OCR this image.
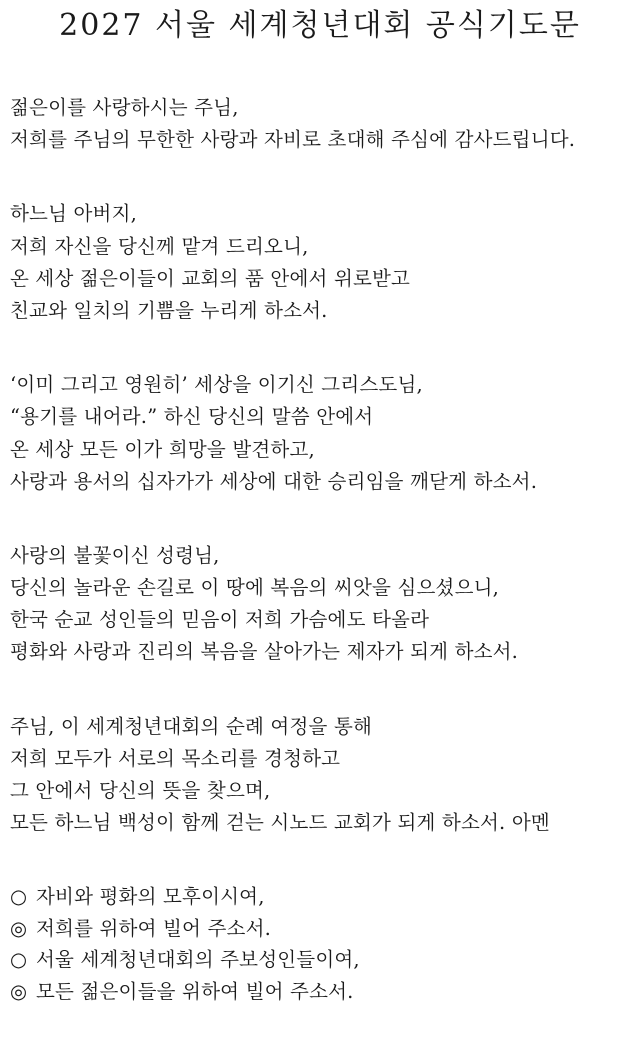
2027 서울 세계청년대회 공식기도문
젊은이를 사랑하시는 주님,
저희를 주님의 무한한 사랑과 자비로 초대해 주심에 감사드립니다.
하느님 아버지,
저희 자신을 당신께 맡겨 드리오니,
온 세상 젊은이들이 교회의 품 안에서 위로받고
친교와 일치의 기쁨을 누리게 하소서.
‘이미 그리고 영원히’ 세상을 이기신 그리스도님,
“용기를 내어라.” 하신 당신의 말씀 안에서
온 세상 모든 이가 희망을 발견하고,
사랑과 용서의 십자가가 세상에 대한 승리임을 깨닫게 하소서.
사랑의 불꽃이신 성령님,
당신의 놀라운 손길로 이 땅에 복음의 씨앗을 심으셨으니,
한국 순교 성인들의 믿음이 저희 가슴에도 타올라
평화와 사랑과 진리의 복음을 살아가는 제자가 되게 하소서.
주님, 이 세계청년대회의 순례 여정을 통해
저희 모두가 서로의 목소리를 경청하고
그 안에서 당신의 뜻을 찾으며,
모든 하느님 백성이 함께 걷는 시노드 교회가 되게 하소서. 아멘
○ 자비와 평화의 모후이시여,
◎ 저희를 위하여 빌어 주소서.
○ 서울 세계청년대회의 주보성인들이여,
◎ 모든 젊은이들을 위하여 빌어 주소서.
